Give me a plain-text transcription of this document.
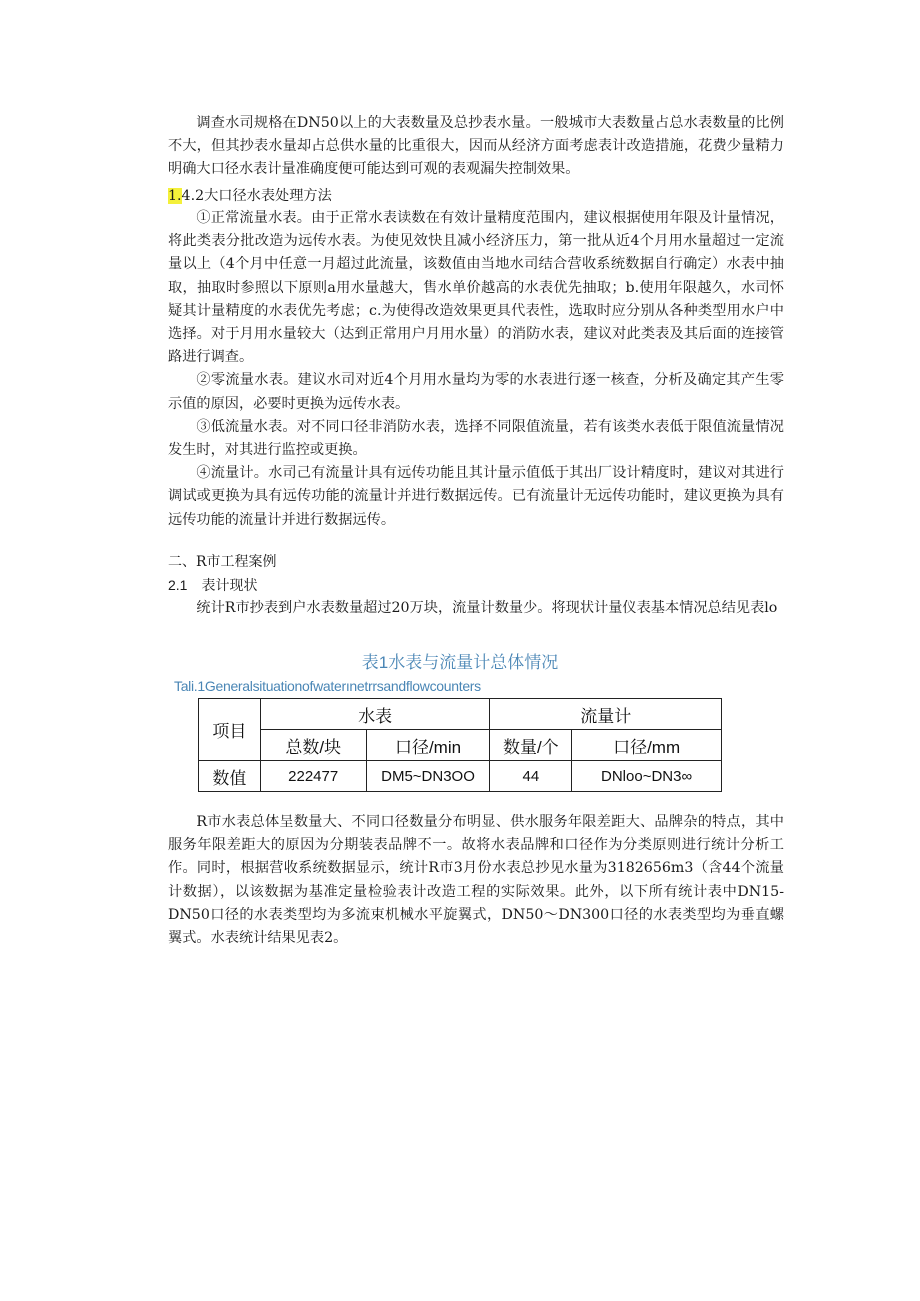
调查水司规格在DN50以上的大表数量及总抄表水量。一般城市大表数量占总水表数量的比例不大，但其抄表水量却占总供水量的比重很大，因而从经济方面考虑表计改造措施，花费少量精力明确大口径水表计量准确度便可能达到可观的表观漏失控制效果。

1.4.2大口径水表处理方法

①正常流量水表。由于正常水表读数在有效计量精度范围内，建议根据使用年限及计量情况，将此类表分批改造为远传水表。为使见效快且减小经济压力，第一批从近4个月用水量超过一定流量以上（4个月中任意一月超过此流量，该数值由当地水司结合营收系统数据自行确定）水表中抽取，抽取时参照以下原则a用水量越大，售水单价越高的水表优先抽取；b.使用年限越久，水司怀疑其计量精度的水表优先考虑；c.为使得改造效果更具代表性，选取时应分别从各种类型用水户中选择。对于月用水量较大（达到正常用户月用水量）的消防水表，建议对此类表及其后面的连接管路进行调查。

②零流量水表。建议水司对近4个月用水量均为零的水表进行逐一核查，分析及确定其产生零示值的原因，必要时更换为远传水表。

③低流量水表。对不同口径非消防水表，选择不同限值流量，若有该类水表低于限值流量情况发生时，对其进行监控或更换。

④流量计。水司己有流量计具有远传功能且其计量示值低于其出厂设计精度时，建议对其进行调试或更换为具有远传功能的流量计并进行数据远传。已有流量计无远传功能时，建议更换为具有远传功能的流量计并进行数据远传。

二、R市工程案例
2.1　表计现状

统计R市抄表到户水表数量超过20万块，流量计数量少。将现状计量仪表基本情况总结见表lo

表1水表与流量计总体情况
Tali.1Generalsituationofwaterınetrrsandflowcounters
项目	水表		流量计	
	总数/块	口径/min	数量/个	口径/mm
数值	222477	DM5~DN3OO	44	DNloo~DN3∞

R市水表总体呈数量大、不同口径数量分布明显、供水服务年限差距大、品牌杂的特点，其中服务年限差距大的原因为分期装表品牌不一。故将水表品牌和口径作为分类原则进行统计分析工作。同时，根据营收系统数据显示，统计R市3月份水表总抄见水量为3182656m3（含44个流量计数据），以该数据为基准定量检验表计改造工程的实际效果。此外，以下所有统计表中DN15-DN50口径的水表类型均为多流束机械水平旋翼式，DN50～DN300口径的水表类型均为垂直螺翼式。水表统计结果见表2。
